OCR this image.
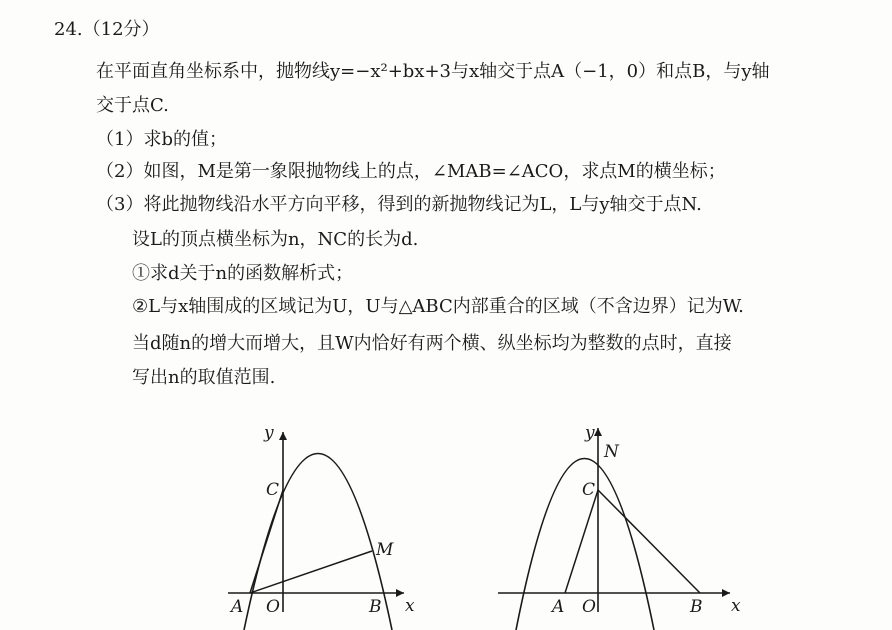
24.（12分）
在平面直角坐标系中，抛物线y=−x²+bx+3与x轴交于点A（−1，0）和点B，与y轴
交于点C.
（1）求b的值；
（2）如图，M是第一象限抛物线上的点，∠MAB=∠ACO，求点M的横坐标；
（3）将此抛物线沿水平方向平移，得到的新抛物线记为L，L与y轴交于点N.
设L的顶点横坐标为n，NC的长为d.
①求d关于n的函数解析式；
②L与x轴围成的区域记为U，U与△ABC内部重合的区域（不含边界）记为W.
当d随n的增大而增大，且W内恰好有两个横、纵坐标均为整数的点时，直接
写出n的取值范围.
y
x
A O	B
C
M
y
N
x
A O	B
C
